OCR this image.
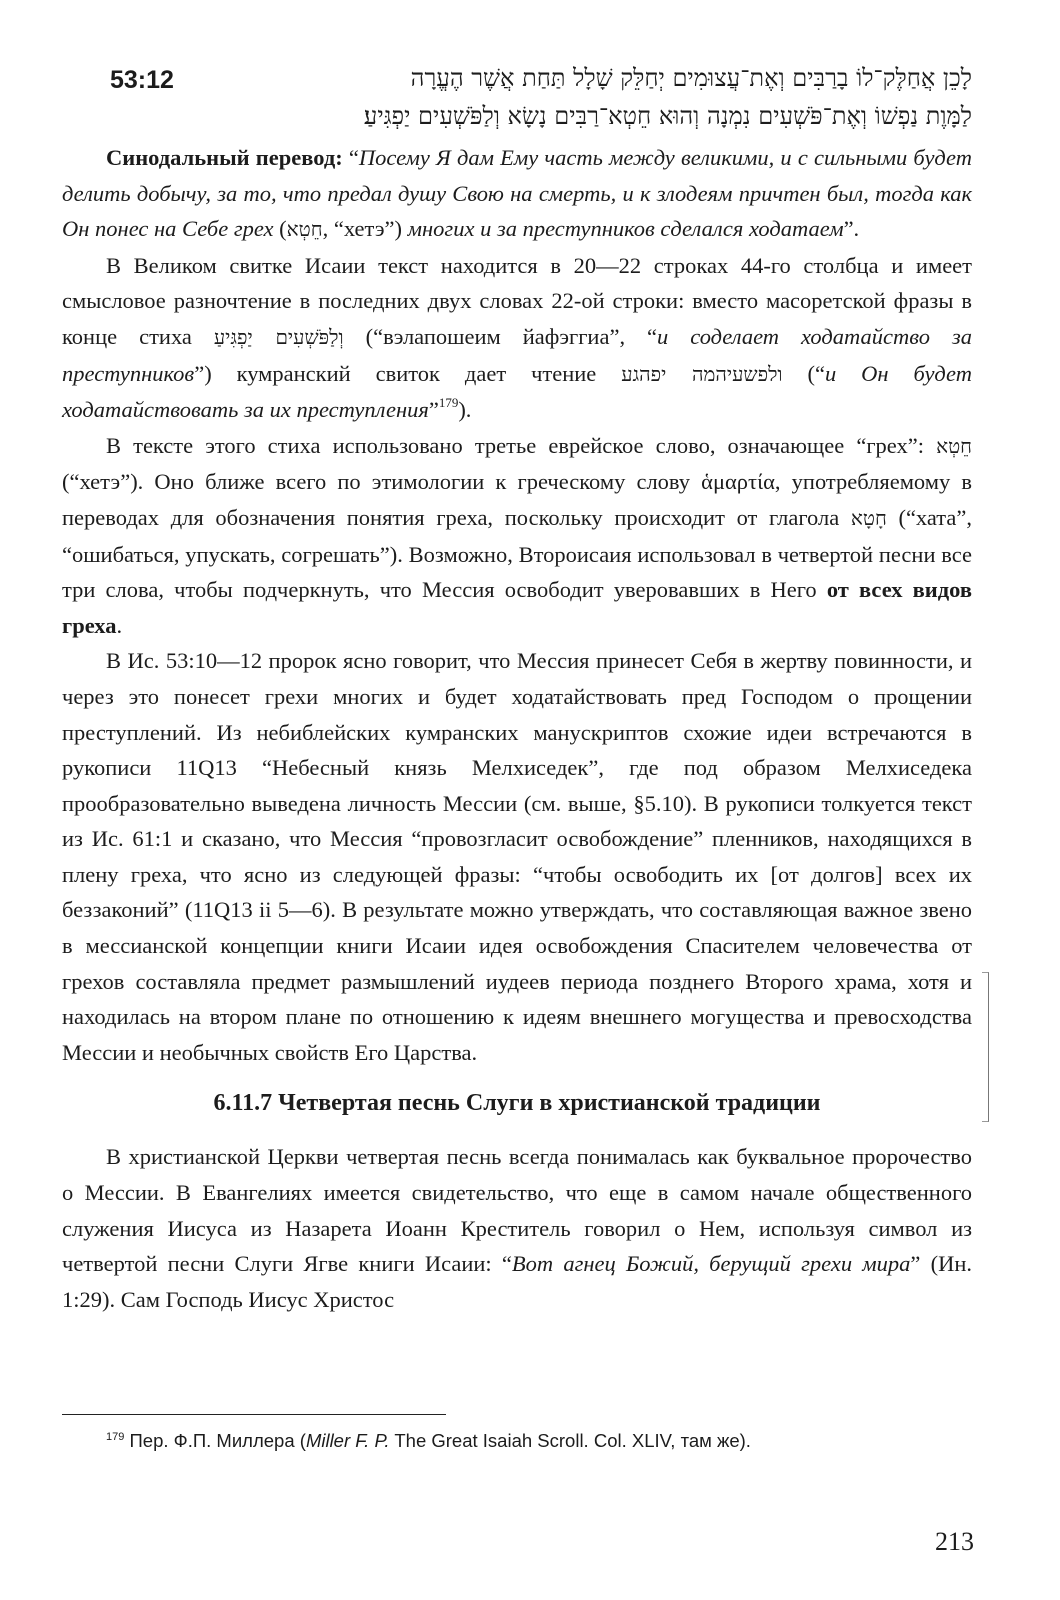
53:12	לָכֵן אֲחַלֶּק־לוֹ בָרַבִּים וְאֶת־עֲצוּמִים יְחַלֵּק שָׁלָל תַּחַת אֲשֶׁר הֶעֱרָה
לַמָּוֶת נַפְשׁוֹ וְאֶת־פֹּשְׁעִים נִמְנָה וְהוּא חֵטְא־רַבִּים נָשָׂא וְלַפֹּשְׁעִים יַפְגִּיעַ׃

Синодальный перевод: “Посему Я дам Ему часть между великими, и с сильными будет делить добычу, за то, что предал душу Свою на смерть, и к злодеям причтен был, тогда как Он понес на Себе грех (חֵטְא, “хетэ”) многих и за преступников сделался ходатаем”.

В Великом свитке Исаии текст находится в 20—22 строках 44-го столбца и имеет смысловое разночтение в последних двух словах 22-ой строки: вместо масоретской фразы в конце стиха וְלַפֹּשְׁעִים יַפְגִּיעַ (“вэлапошеим йафэггиа”, “и соделает ходатайство за преступников”) кумранский свиток дает чтение ולפשעיהמה יפהגע (“и Он будет ходатайствовать за их преступления”$^{179}$).

В тексте этого стиха использовано третье еврейское слово, означающее “грех”: חֵטְא (“хетэ”). Оно ближе всего по этимологии к греческому слову ἁμαρτία, употребляемому в переводах для обозначения понятия греха, поскольку происходит от глагола חָטָא (“хата”, “ошибаться, упускать, согрешать”). Возможно, Второисаия использовал в четвертой песни все три слова, чтобы подчеркнуть, что Мессия освободит уверовавших в Него от всех видов греха.

В Ис. 53:10—12 пророк ясно говорит, что Мессия принесет Себя в жертву повинности, и через это понесет грехи многих и будет ходатайствовать пред Господом о прощении преступлений. Из небиблейских кумранских манускриптов схожие идеи встречаются в рукописи 11Q13 “Небесный князь Мелхиседек”, где под образом Мелхиседека прообразовательно выведена личность Мессии (см. выше, §5.10). В рукописи толкуется текст из Ис. 61:1 и сказано, что Мессия “провозгласит освобождение” пленников, находящихся в плену греха, что ясно из следующей фразы: “чтобы освободить их [от долгов] всех их беззаконий” (11Q13 ii 5—6). В результате можно утверждать, что составляющая важное звено в мессианской концепции книги Исаии идея освобождения Спасителем человечества от грехов составляла предмет размышлений иудеев периода позднего Второго храма, хотя и находилась на втором плане по отношению к идеям внешнего могущества и превосходства Мессии и необычных свойств Его Царства.

6.11.7 Четвертая песнь Слуги в христианской традиции

В христианской Церкви четвертая песнь всегда понималась как буквальное пророчество о Мессии. В Евангелиях имеется свидетельство, что еще в самом начале общественного служения Иисуса из Назарета Иоанн Креститель говорил о Нем, используя символ из четвертой песни Слуги Ягве книги Исаии: “Вот агнец Божий, берущий грехи мира” (Ин. 1:29). Сам Господь Иисус Христос

$^{179}$ Пер. Ф.П. Миллера (Miller F. P. The Great Isaiah Scroll. Col. XLIV, там же).
213
